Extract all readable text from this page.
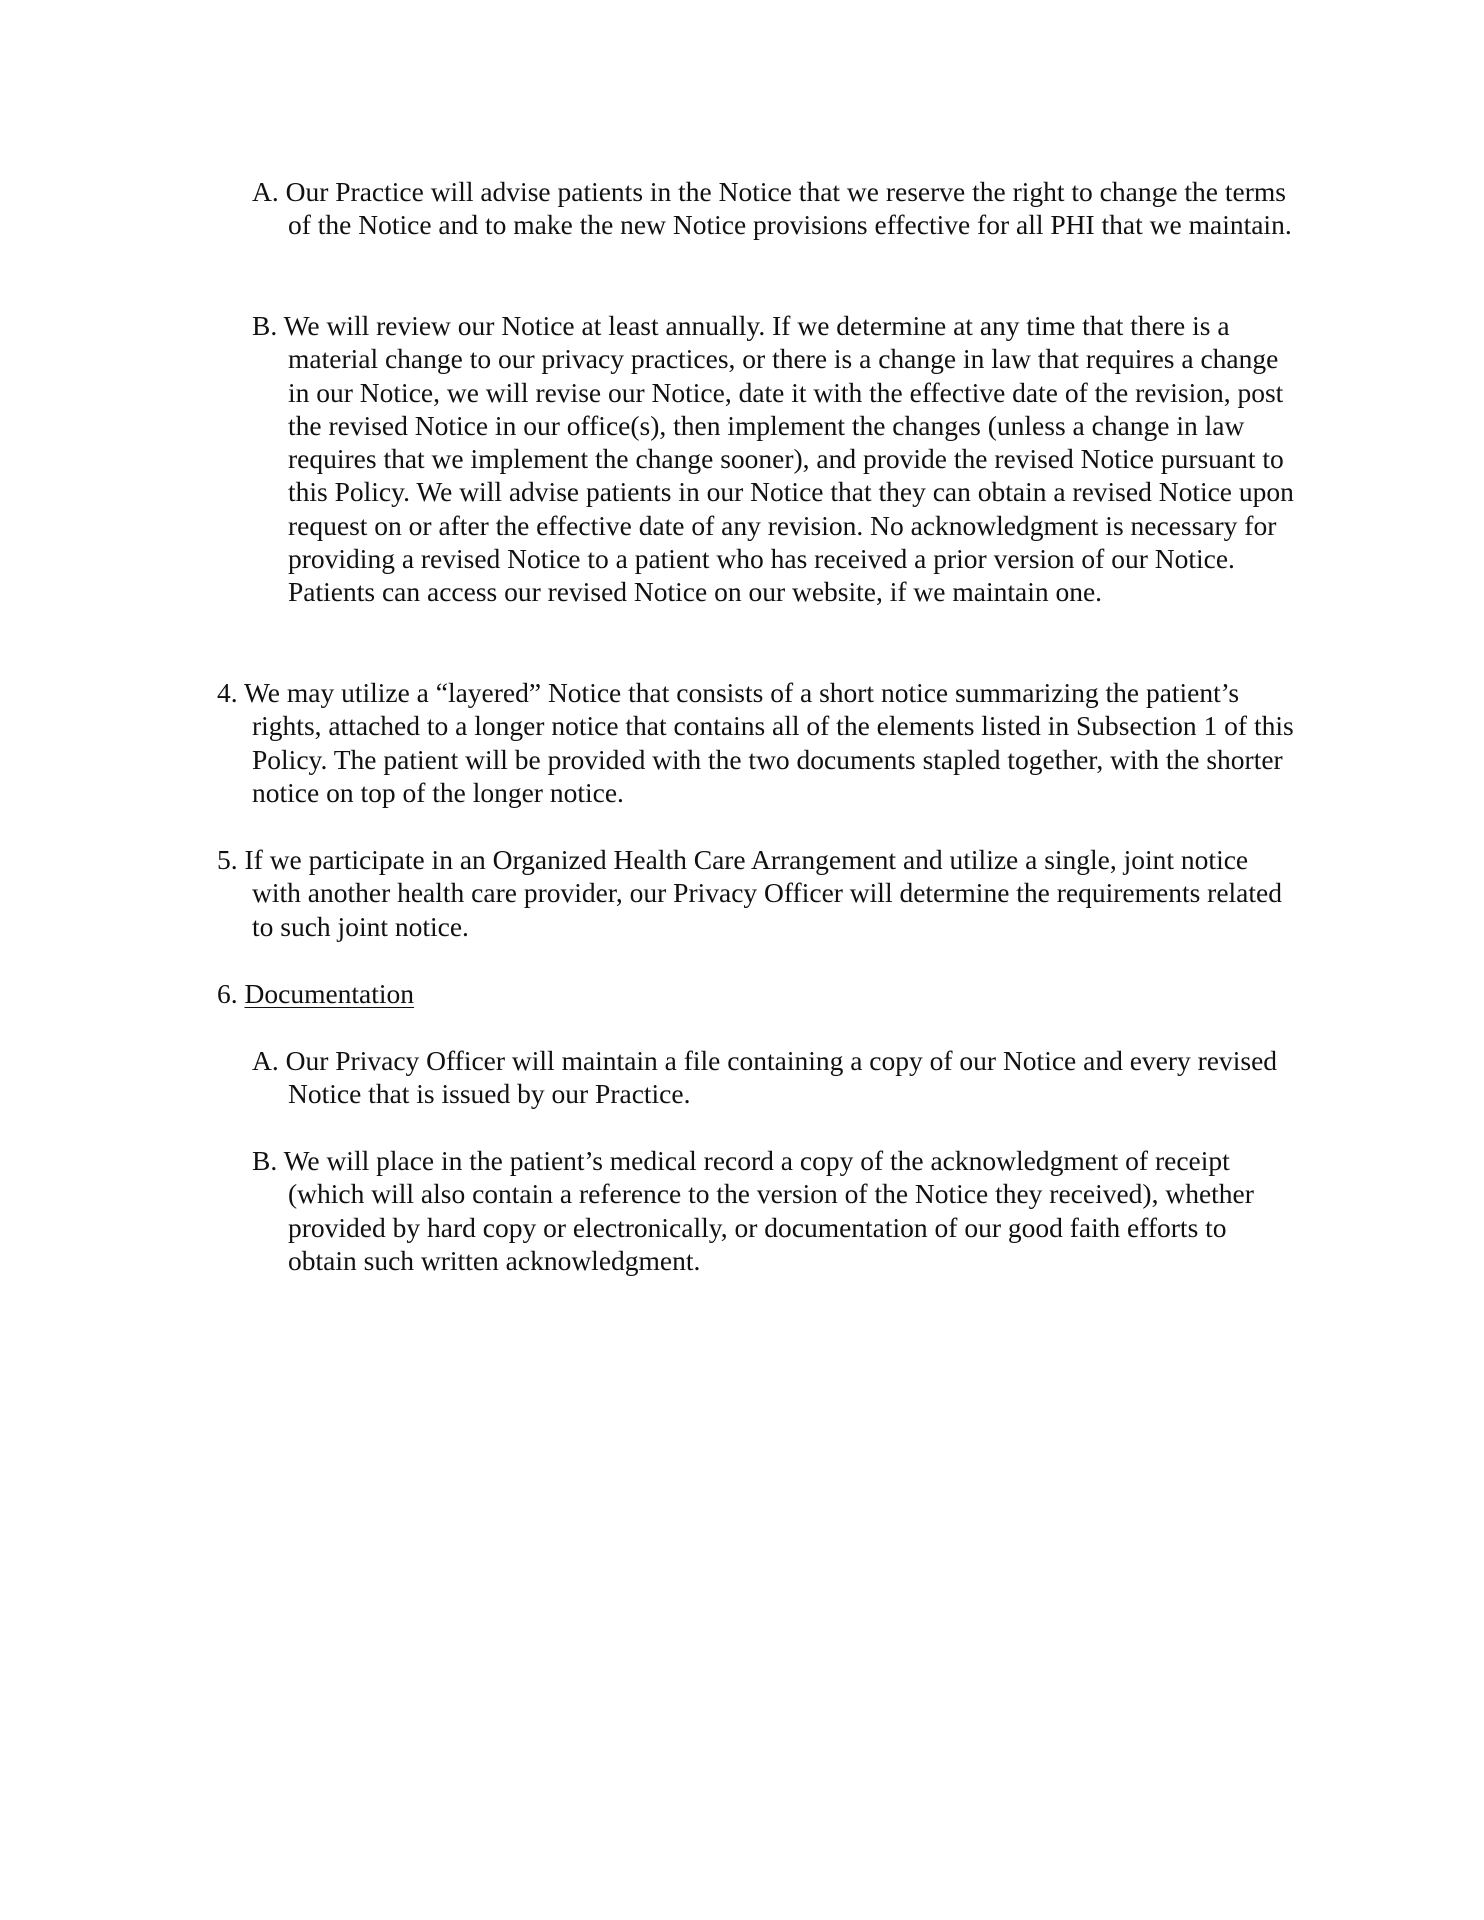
A. Our Practice will advise patients in the Notice that we reserve the right to change the terms of the Notice and to make the new Notice provisions effective for all PHI that we maintain.

B. We will review our Notice at least annually. If we determine at any time that there is a material change to our privacy practices, or there is a change in law that requires a change in our Notice, we will revise our Notice, date it with the effective date of the revision, post the revised Notice in our office(s), then implement the changes (unless a change in law requires that we implement the change sooner), and provide the revised Notice pursuant to this Policy. We will advise patients in our Notice that they can obtain a revised Notice upon request on or after the effective date of any revision. No acknowledgment is necessary for providing a revised Notice to a patient who has received a prior version of our Notice. Patients can access our revised Notice on our website, if we maintain one.

4. We may utilize a “layered” Notice that consists of a short notice summarizing the patient’s rights, attached to a longer notice that contains all of the elements listed in Subsection 1 of this Policy. The patient will be provided with the two documents stapled together, with the shorter notice on top of the longer notice.

5. If we participate in an Organized Health Care Arrangement and utilize a single, joint notice with another health care provider, our Privacy Officer will determine the requirements related to such joint notice.

6. Documentation

A. Our Privacy Officer will maintain a file containing a copy of our Notice and every revised Notice that is issued by our Practice.

B. We will place in the patient’s medical record a copy of the acknowledgment of receipt (which will also contain a reference to the version of the Notice they received), whether provided by hard copy or electronically, or documentation of our good faith efforts to obtain such written acknowledgment.
